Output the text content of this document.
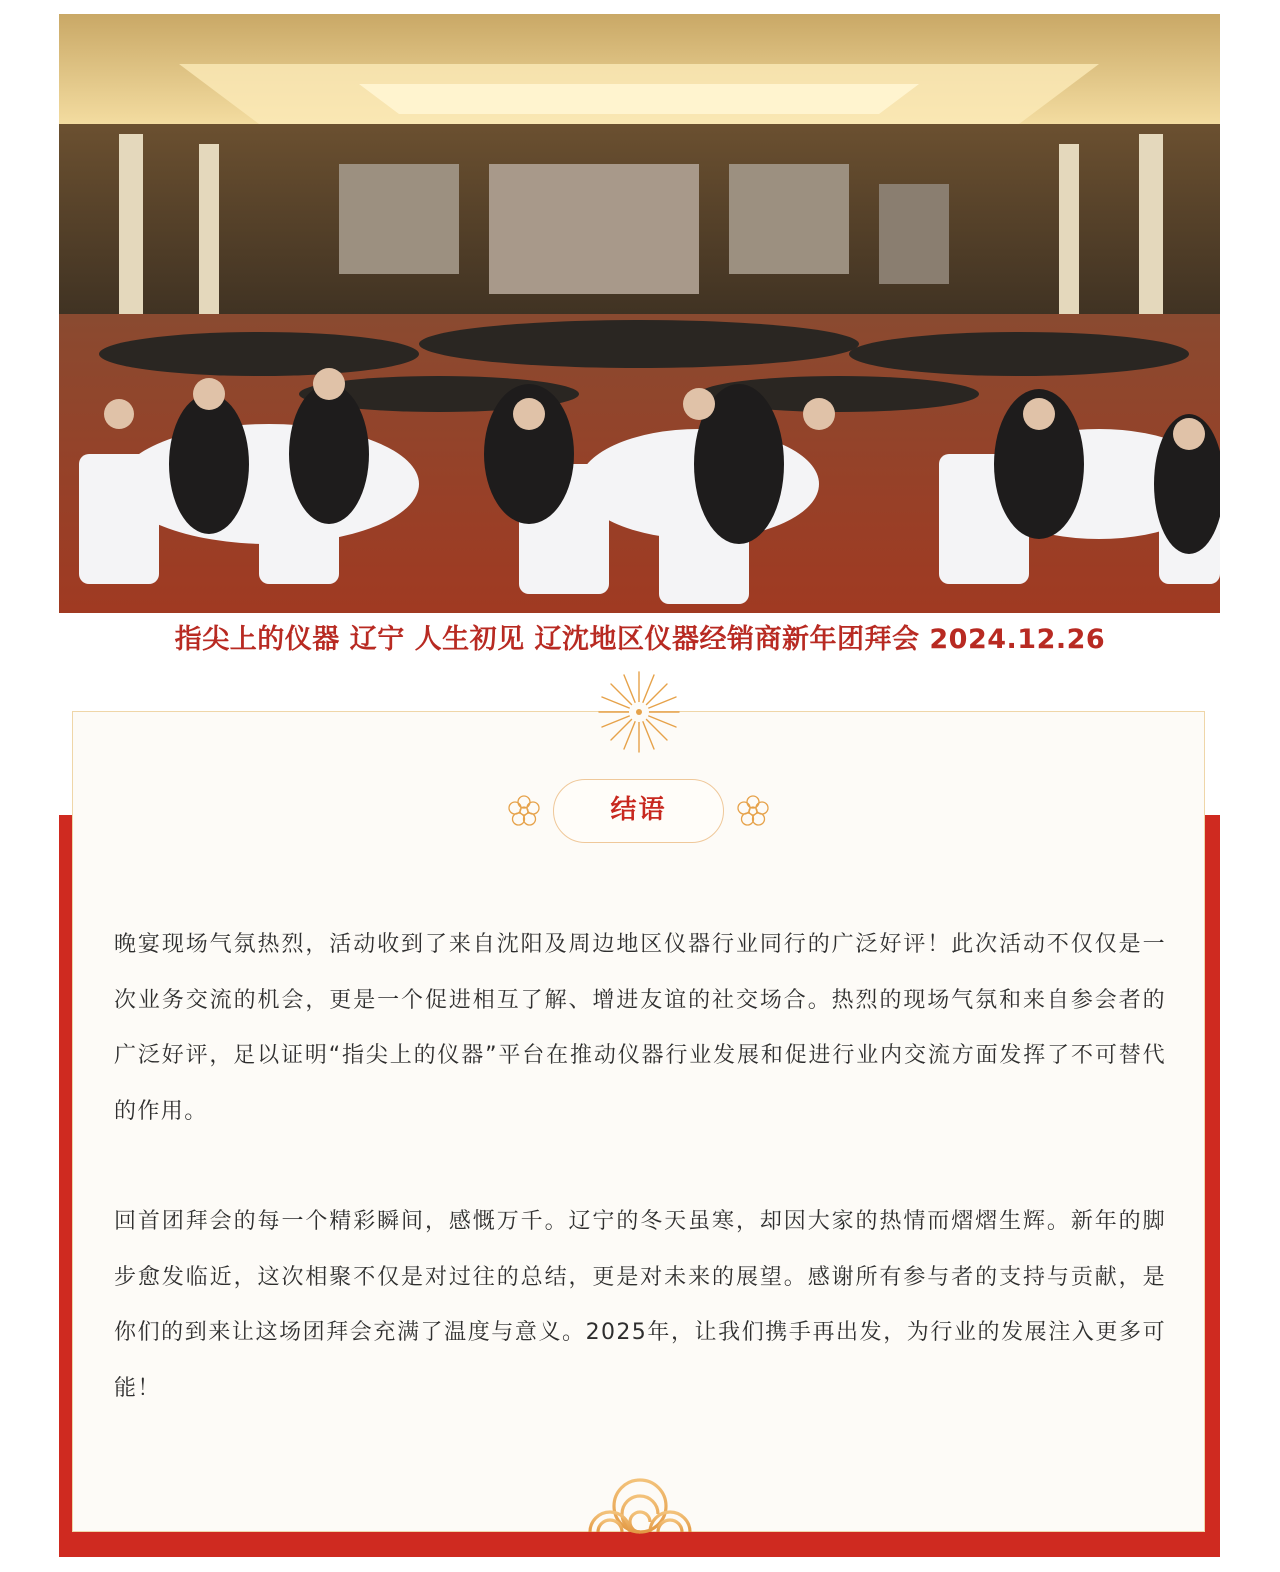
指尖上的仪器 辽宁 人生初见 辽沈地区仪器经销商新年团拜会 2024.12.26
结语

晚宴现场气氛热烈，活动收到了来自沈阳及周边地区仪器行业同行的广泛好评！此次活动不仅仅是一次业务交流的机会，更是一个促进相互了解、增进友谊的社交场合。热烈的现场气氛和来自参会者的广泛好评，足以证明“指尖上的仪器”平台在推动仪器行业发展和促进行业内交流方面发挥了不可替代的作用。

回首团拜会的每一个精彩瞬间，感慨万千。辽宁的冬天虽寒，却因大家的热情而熠熠生辉。新年的脚步愈发临近，这次相聚不仅是对过往的总结，更是对未来的展望。感谢所有参与者的支持与贡献，是你们的到来让这场团拜会充满了温度与意义。2025年，让我们携手再出发，为行业的发展注入更多可能！
